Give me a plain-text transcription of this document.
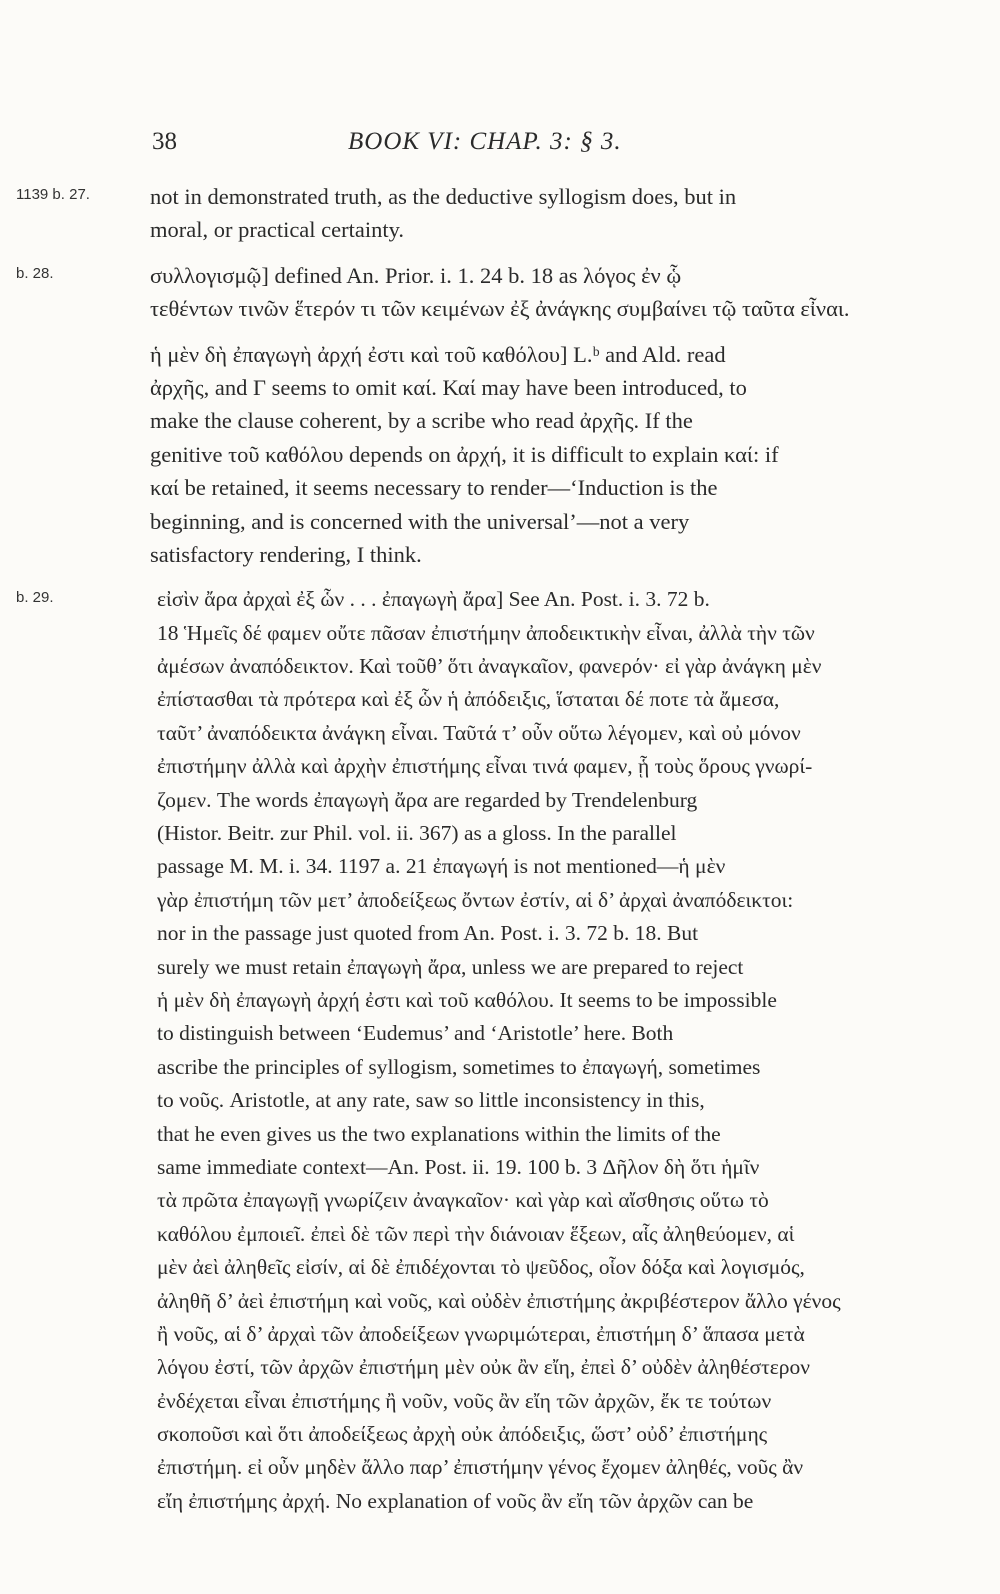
38	BOOK VI: CHAP. 3: § 3.
1139 b. 27.	not in demonstrated truth, as the deductive syllogism does, but in
moral, or practical certainty.
b. 28.	συλλογισμῷ] defined An. Prior. i. 1. 24 b. 18 as λόγος ἐν ᾧ
τεθέντων τινῶν ἕτερόν τι τῶν κειμένων ἐξ ἀνάγκης συμβαίνει τῷ ταῦτα εἶναι.
ἡ μὲν δὴ ἐπαγωγὴ ἀρχή ἐστι καὶ τοῦ καθόλου] L.ᵇ and Ald. read
ἀρχῆς, and Γ seems to omit καί. Καί may have been introduced, to
make the clause coherent, by a scribe who read ἀρχῆς. If the
genitive τοῦ καθόλου depends on ἀρχή, it is difficult to explain καί: if
καί be retained, it seems necessary to render—‘Induction is the
beginning, and is concerned with the universal’—not a very
satisfactory rendering, I think.
b. 29.	εἰσὶν ἄρα ἀρχαὶ ἐξ ὧν . . . ἐπαγωγὴ ἄρα] See An. Post. i. 3. 72 b.
18 Ἡμεῖς δέ φαμεν οὔτε πᾶσαν ἐπιστήμην ἀποδεικτικὴν εἶναι, ἀλλὰ τὴν τῶν
ἀμέσων ἀναπόδεικτον. Καὶ τοῦθ’ ὅτι ἀναγκαῖον, φανερόν· εἰ γὰρ ἀνάγκη μὲν
ἐπίστασθαι τὰ πρότερα καὶ ἐξ ὧν ἡ ἀπόδειξις, ἵσταται δέ ποτε τὰ ἄμεσα,
ταῦτ’ ἀναπόδεικτα ἀνάγκη εἶναι. Ταῦτά τ’ οὖν οὕτω λέγομεν, καὶ οὐ μόνον
ἐπιστήμην ἀλλὰ καὶ ἀρχὴν ἐπιστήμης εἶναι τινά φαμεν, ᾗ τοὺς ὅρους γνωρί-
ζομεν. The words ἐπαγωγὴ ἄρα are regarded by Trendelenburg
(Histor. Beitr. zur Phil. vol. ii. 367) as a gloss. In the parallel
passage M. M. i. 34. 1197 a. 21 ἐπαγωγή is not mentioned—ἡ μὲν
γὰρ ἐπιστήμη τῶν μετ’ ἀποδείξεως ὄντων ἐστίν, αἱ δ’ ἀρχαὶ ἀναπόδεικτοι:
nor in the passage just quoted from An. Post. i. 3. 72 b. 18. But
surely we must retain ἐπαγωγὴ ἄρα, unless we are prepared to reject
ἡ μὲν δὴ ἐπαγωγὴ ἀρχή ἐστι καὶ τοῦ καθόλου. It seems to be impossible
to distinguish between ‘Eudemus’ and ‘Aristotle’ here. Both
ascribe the principles of syllogism, sometimes to ἐπαγωγή, sometimes
to νοῦς. Aristotle, at any rate, saw so little inconsistency in this,
that he even gives us the two explanations within the limits of the
same immediate context—An. Post. ii. 19. 100 b. 3 Δῆλον δὴ ὅτι ἡμῖν
τὰ πρῶτα ἐπαγωγῇ γνωρίζειν ἀναγκαῖον· καὶ γὰρ καὶ αἴσθησις οὕτω τὸ
καθόλου ἐμποιεῖ. ἐπεὶ δὲ τῶν περὶ τὴν διάνοιαν ἕξεων, αἷς ἀληθεύομεν, αἱ
μὲν ἀεὶ ἀληθεῖς εἰσίν, αἱ δὲ ἐπιδέχονται τὸ ψεῦδος, οἷον δόξα καὶ λογισμός,
ἀληθῆ δ’ ἀεὶ ἐπιστήμη καὶ νοῦς, καὶ οὐδὲν ἐπιστήμης ἀκριβέστερον ἄλλο γένος
ἢ νοῦς, αἱ δ’ ἀρχαὶ τῶν ἀποδείξεων γνωριμώτεραι, ἐπιστήμη δ’ ἅπασα μετὰ
λόγου ἐστί, τῶν ἀρχῶν ἐπιστήμη μὲν οὐκ ἂν εἴη, ἐπεὶ δ’ οὐδὲν ἀληθέστερον
ἐνδέχεται εἶναι ἐπιστήμης ἢ νοῦν, νοῦς ἂν εἴη τῶν ἀρχῶν, ἔκ τε τούτων
σκοποῦσι καὶ ὅτι ἀποδείξεως ἀρχὴ οὐκ ἀπόδειξις, ὥστ’ οὐδ’ ἐπιστήμης
ἐπιστήμη. εἰ οὖν μηδὲν ἄλλο παρ’ ἐπιστήμην γένος ἔχομεν ἀληθές, νοῦς ἂν
εἴη ἐπιστήμης ἀρχή. No explanation of νοῦς ἂν εἴη τῶν ἀρχῶν can be
